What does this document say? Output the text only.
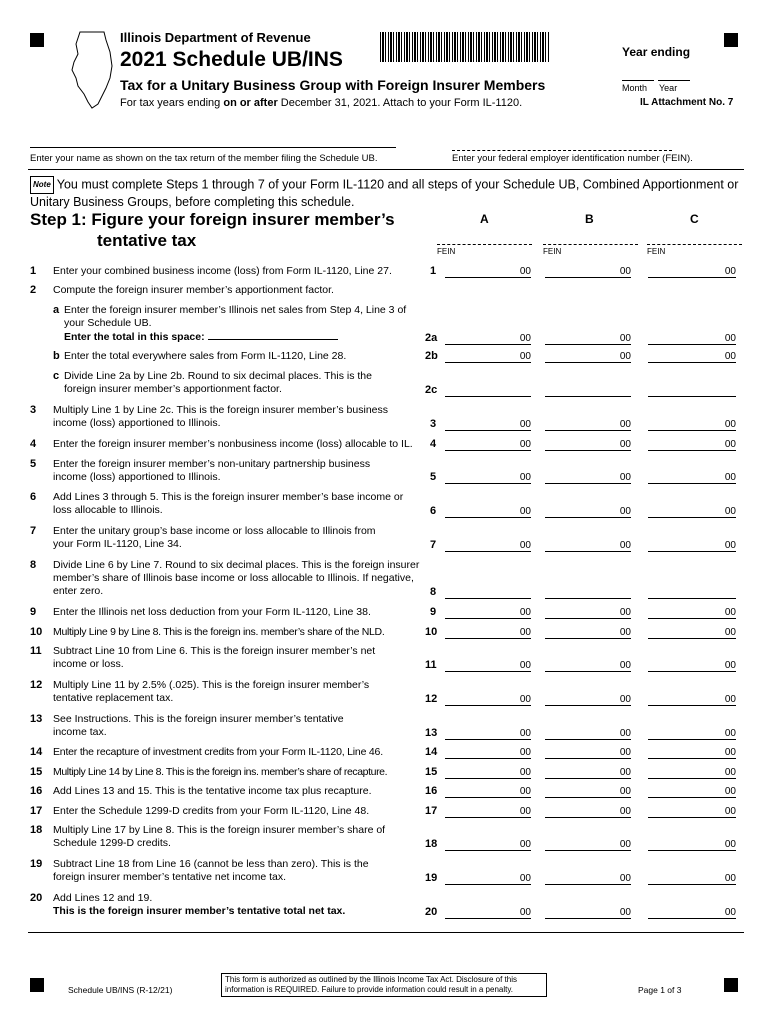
Illinois Department of Revenue
2021 Schedule UB/INS
Tax for a Unitary Business Group with Foreign Insurer Members
For tax years ending on or after December 31, 2021. Attach to your Form IL-1120.
Year ending
Month Year
IL Attachment No. 7
Enter your name as shown on the tax return of the member filing the Schedule UB.	Enter your federal employer identification number (FEIN).
Note You must complete Steps 1 through 7 of your Form IL-1120 and all steps of your Schedule UB, Combined Apportionment or Unitary Business Groups, before completing this schedule.
Step 1: Figure your foreign insurer member’s
tentative tax
A	B	C
FEIN	FEIN	FEIN
1	Enter your combined business income (loss) from Form IL-1120, Line 27.	1	00	00	00
2	Compute the foreign insurer member’s apportionment factor.
a Enter the foreign insurer member’s Illinois net sales from Step 4, Line 3 of your Schedule UB.
Enter the total in this space:	2a	00	00	00
b Enter the total everywhere sales from Form IL-1120, Line 28.	2b	00	00	00
c Divide Line 2a by Line 2b. Round to six decimal places. This is the foreign insurer member’s apportionment factor.	2c
3	Multiply Line 1 by Line 2c. This is the foreign insurer member’s business income (loss) apportioned to Illinois.	3	00	00	00
4	Enter the foreign insurer member’s nonbusiness income (loss) allocable to IL.	4	00	00	00
5	Enter the foreign insurer member’s non-unitary partnership business income (loss) apportioned to Illinois.	5	00	00	00
6	Add Lines 3 through 5. This is the foreign insurer member’s base income or loss allocable to Illinois.	6	00	00	00
7	Enter the unitary group’s base income or loss allocable to Illinois from your Form IL-1120, Line 34.	7	00	00	00
8	Divide Line 6 by Line 7. Round to six decimal places. This is the foreign insurer member’s share of Illinois base income or loss allocable to Illinois. If negative, enter zero.	8
9	Enter the Illinois net loss deduction from your Form IL-1120, Line 38.	9	00	00	00
10	Multiply Line 9 by Line 8. This is the foreign ins. member’s share of the NLD.	10	00	00	00
11	Subtract Line 10 from Line 6. This is the foreign insurer member’s net income or loss.	11	00	00	00
12	Multiply Line 11 by 2.5% (.025). This is the foreign insurer member’s tentative replacement tax.	12	00	00	00
13	See Instructions. This is the foreign insurer member’s tentative income tax.	13	00	00	00
14	Enter the recapture of investment credits from your Form IL-1120, Line 46.	14	00	00	00
15	Multiply Line 14 by Line 8. This is the foreign ins. member’s share of recapture.	15	00	00	00
16	Add Lines 13 and 15. This is the tentative income tax plus recapture.	16	00	00	00
17	Enter the Schedule 1299-D credits from your Form IL-1120, Line 48.	17	00	00	00
18	Multiply Line 17 by Line 8. This is the foreign insurer member’s share of Schedule 1299-D credits.	18	00	00	00
19	Subtract Line 18 from Line 16 (cannot be less than zero). This is the foreign insurer member’s tentative net income tax.	19	00	00	00
20	Add Lines 12 and 19.
This is the foreign insurer member’s tentative total net tax.	20	00	00	00
Schedule UB/INS (R-12/21)
This form is authorized as outlined by the Illinois Income Tax Act. Disclosure of this information is REQUIRED. Failure to provide information could result in a penalty.	Page 1 of 3
